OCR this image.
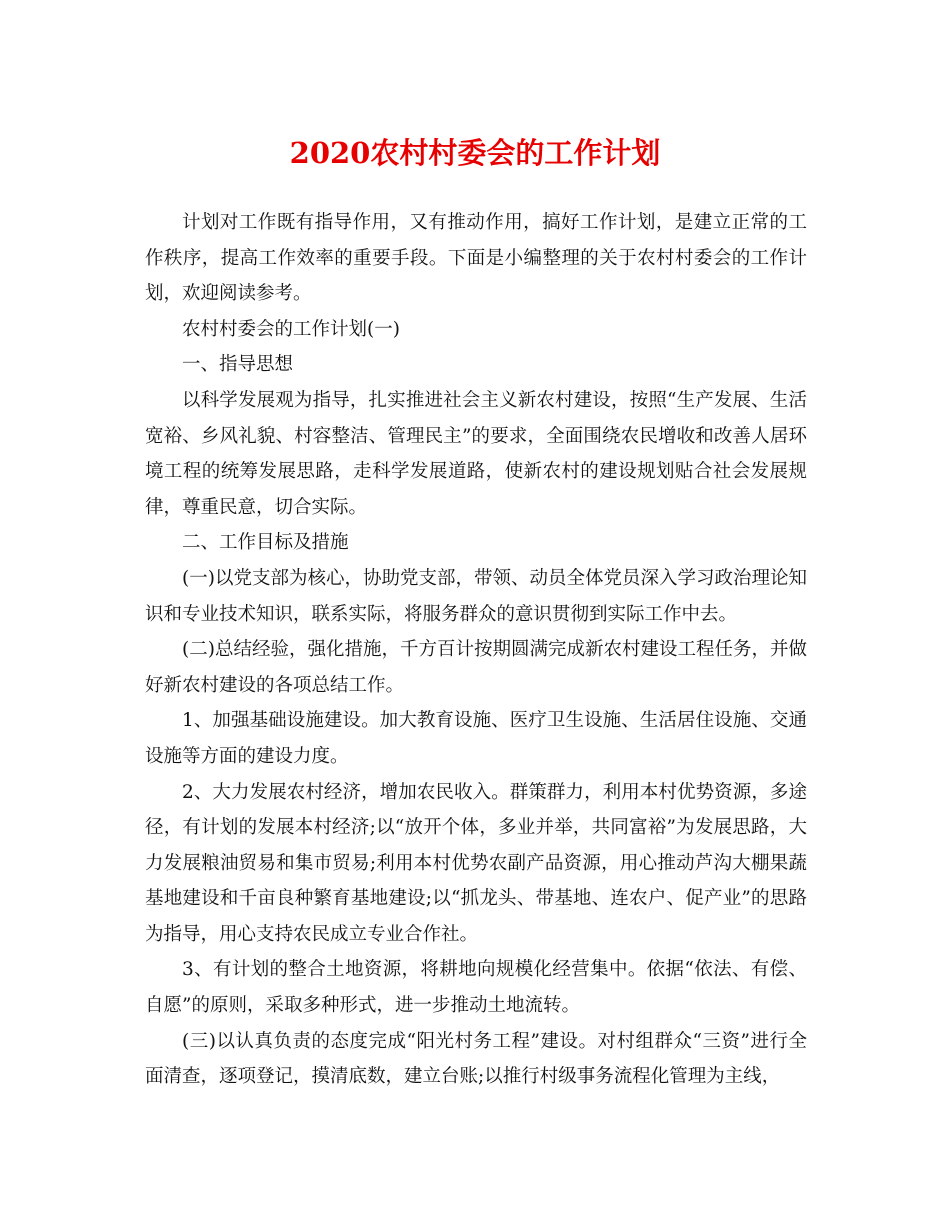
2020农村村委会的工作计划

计划对工作既有指导作用，又有推动作用，搞好工作计划，是建立正常的工作秩序，提高工作效率的重要手段。下面是小编整理的关于农村村委会的工作计划，欢迎阅读参考。

农村村委会的工作计划(一)

一、指导思想

以科学发展观为指导，扎实推进社会主义新农村建设，按照“生产发展、生活宽裕、乡风礼貌、村容整洁、管理民主”的要求，全面围绕农民增收和改善人居环境工程的统筹发展思路，走科学发展道路，使新农村的建设规划贴合社会发展规律，尊重民意，切合实际。

二、工作目标及措施

(一)以党支部为核心，协助党支部，带领、动员全体党员深入学习政治理论知识和专业技术知识，联系实际，将服务群众的意识贯彻到实际工作中去。

(二)总结经验，强化措施，千方百计按期圆满完成新农村建设工程任务，并做好新农村建设的各项总结工作。

1、加强基础设施建设。加大教育设施、医疗卫生设施、生活居住设施、交通设施等方面的建设力度。

2、大力发展农村经济，增加农民收入。群策群力，利用本村优势资源，多途径，有计划的发展本村经济;以“放开个体，多业并举，共同富裕”为发展思路，大力发展粮油贸易和集市贸易;利用本村优势农副产品资源，用心推动芦沟大棚果蔬基地建设和千亩良种繁育基地建设;以“抓龙头、带基地、连农户、促产业”的思路为指导，用心支持农民成立专业合作社。

3、有计划的整合土地资源，将耕地向规模化经营集中。依据“依法、有偿、自愿”的原则，采取多种形式，进一步推动土地流转。

(三)以认真负责的态度完成“阳光村务工程”建设。对村组群众“三资”进行全面清查，逐项登记，摸清底数，建立台账;以推行村级事务流程化管理为主线，
